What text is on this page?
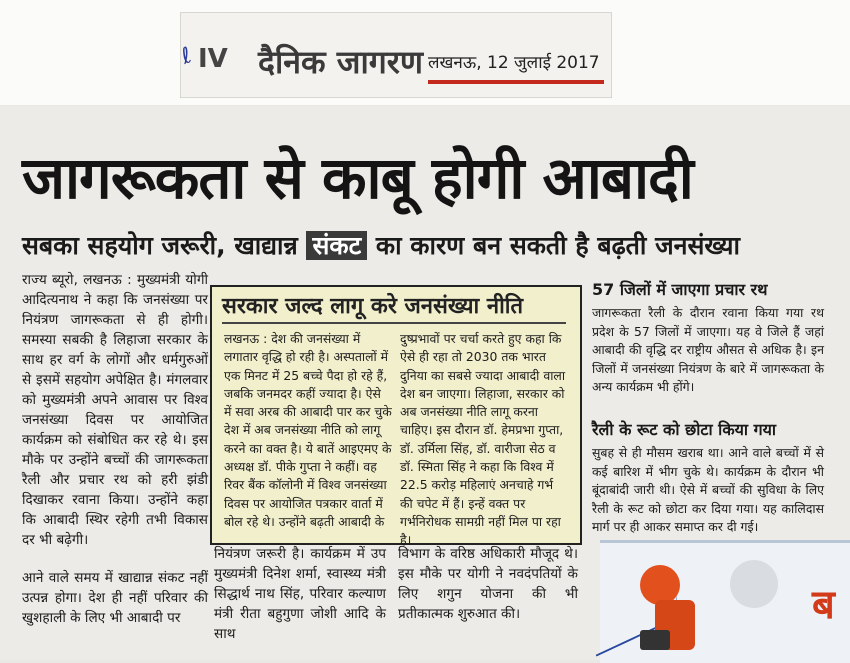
ℓ IV दैनिक जागरण लखनऊ, 12 जुलाई 2017
जागरूकता से काबू होगी आबादी
सबका सहयोग जरूरी, खाद्यान्न संकट का कारण बन सकती है बढ़ती जनसंख्या
राज्य ब्यूरो, लखनऊ : मुख्यमंत्री योगी आदित्यनाथ ने कहा कि जनसंख्या पर नियंत्रण जागरूकता से ही होगी। समस्या सबकी है लिहाजा सरकार के साथ हर वर्ग के लोगों और धर्मगुरुओं से इसमें सहयोग अपेक्षित है। मंगलवार को मुख्यमंत्री अपने आवास पर विश्व जनसंख्या दिवस पर आयोजित कार्यक्रम को संबोधित कर रहे थे। इस मौके पर उन्होंने बच्चों की जागरूकता रैली और प्रचार रथ को हरी झंडी दिखाकर रवाना किया। उन्होंने कहा कि आबादी स्थिर रहेगी तभी विकास दर भी बढ़ेगी।
आने वाले समय में खाद्यान्न संकट नहीं उत्पन्न होगा। देश ही नहीं परिवार की खुशहाली के लिए भी आबादी पर
सरकार जल्द लागू करे जनसंख्या नीति
लखनऊ : देश की जनसंख्या में लगातार वृद्धि हो रही है। अस्पतालों में एक मिनट में 25 बच्चे पैदा हो रहे हैं, जबकि जनमदर कहीं ज्यादा है। ऐसे में सवा अरब की आबादी पार कर चुके देश में अब जनसंख्या नीति को लागू करने का वक्त है। ये बातें आइएमए के अध्यक्ष डॉ. पीके गुप्ता ने कहीं। वह रिवर बैंक कॉलोनी में विश्व जनसंख्या दिवस पर आयोजित पत्रकार वार्ता में बोल रहे थे। उन्होंने बढ़ती आबादी के
दुष्प्रभावों पर चर्चा करते हुए कहा कि ऐसे ही रहा तो 2030 तक भारत दुनिया का सबसे ज्यादा आबादी वाला देश बन जाएगा। लिहाजा, सरकार को अब जनसंख्या नीति लागू करना चाहिए। इस दौरान डॉ. हेमप्रभा गुप्ता, डॉ. उर्मिला सिंह, डॉ. वारीजा सेठ व डॉ. स्मिता सिंह ने कहा कि विश्व में 22.5 करोड़ महिलाएं अनचाहे गर्भ की चपेट में हैं। इन्हें वक्त पर गर्भनिरोधक सामग्री नहीं मिल पा रहा है।
नियंत्रण जरूरी है। कार्यक्रम में उप मुख्यमंत्री दिनेश शर्मा, स्वास्थ्य मंत्री सिद्धार्थ नाथ सिंह, परिवार कल्याण मंत्री रीता बहुगुणा जोशी आदि के साथ
विभाग के वरिष्ठ अधिकारी मौजूद थे। इस मौके पर योगी ने नवदंपतियों के लिए शगुन योजना की भी प्रतीकात्मक शुरुआत की।
57 जिलों में जाएगा प्रचार रथ
जागरूकता रैली के दौरान रवाना किया गया रथ प्रदेश के 57 जिलों में जाएगा। यह वे जिले हैं जहां आबादी की वृद्धि दर राष्ट्रीय औसत से अधिक है। इन जिलों में जनसंख्या नियंत्रण के बारे में जागरूकता के अन्य कार्यक्रम भी होंगे।
रैली के रूट को छोटा किया गया
सुबह से ही मौसम खराब था। आने वाले बच्चों में से कई बारिश में भीग चुके थे। कार्यक्रम के दौरान भी बूंदाबांदी जारी थी। ऐसे में बच्चों की सुविधा के लिए रैली के रूट को छोटा कर दिया गया। यह कालिदास मार्ग पर ही आकर समाप्त कर दी गई।
ब
